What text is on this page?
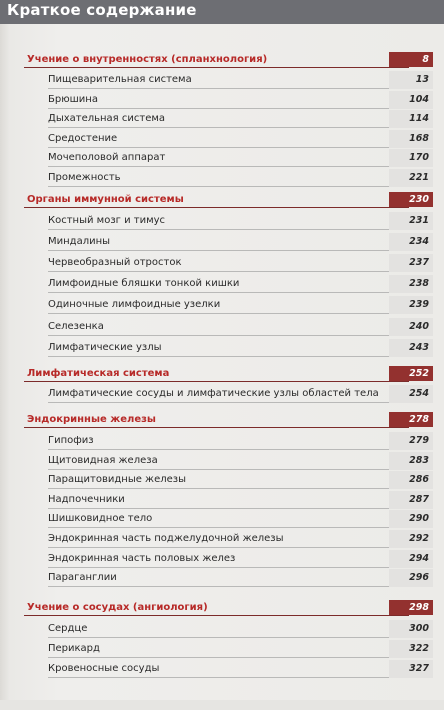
Краткое содержание
8
Учение о внутренностях (спланхнология)
13
Пищеварительная система
104
Брюшина
114
Дыхательная система
168
Средостение
170
Мочеполовой аппарат
221
Промежность
230
Органы иммунной системы
231
Костный мозг и тимус
234
Миндалины
237
Червеобразный отросток
238
Лимфоидные бляшки тонкой кишки
239
Одиночные лимфоидные узелки
240
Селезенка
243
Лимфатические узлы
252
Лимфатическая система
254
Лимфатические сосуды и лимфатические узлы областей тела
278
Эндокринные железы
279
Гипофиз
283
Щитовидная железа
286
Паращитовидные железы
287
Надпочечники
290
Шишковидное тело
292
Эндокринная часть поджелудочной железы
294
Эндокринная часть половых желез
296
Параганглии
298
Учение о сосудах (ангиология)
300
Сердце
322
Перикард
327
Кровеносные сосуды
